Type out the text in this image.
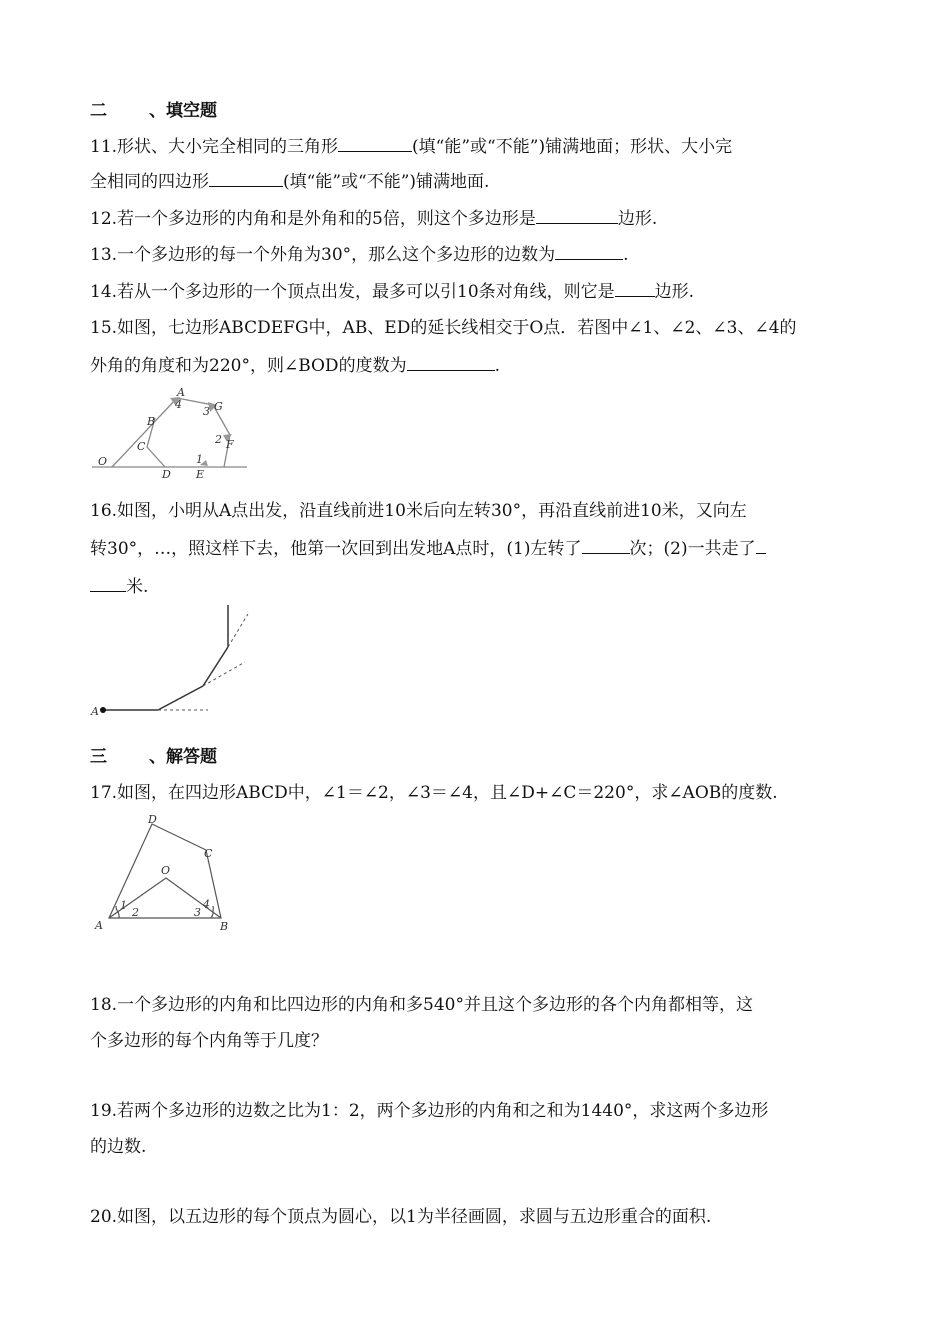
二 、填空题
11.形状、大小完全相同的三角形	(填“能”或“不能”)铺满地面；形状、大小完
全相同的四边形	(填“能”或“不能”)铺满地面.
12.若一个多边形的内角和是外角和的5倍，则这个多边形是	边形.
13.一个多边形的每一个外角为30°，那么这个多边形的边数为	.
14.若从一个多边形的一个顶点出发，最多可以引10条对角线，则它是 边形.
15.如图，七边形ABCDEFG中，AB、ED的延长线相交于O点．若图中∠1、∠2、∠3、∠4的
外角的角度和为220°，则∠BOD的度数为	.
O
A
B
C
D E
F
G
1
2
3
4
16.如图，小明从A点出发，沿直线前进10米后向左转30°，再沿直线前进10米，又向左
转30°，…，照这样下去，他第一次回到出发地A点时，(1)左转了	次；(2)一共走了
米.
A
三 、解答题
17.如图，在四边形ABCD中，∠1＝∠2，∠3＝∠4，且∠D+∠C＝220°，求∠AOB的度数.
A	B
C
D
O
1
2	3
4
18.一个多边形的内角和比四边形的内角和多540°并且这个多边形的各个内角都相等，这
个多边形的每个内角等于几度？
19.若两个多边形的边数之比为1：2，两个多边形的内角和之和为1440°，求这两个多边形
的边数.
20.如图，以五边形的每个顶点为圆心，以1为半径画圆，求圆与五边形重合的面积.
